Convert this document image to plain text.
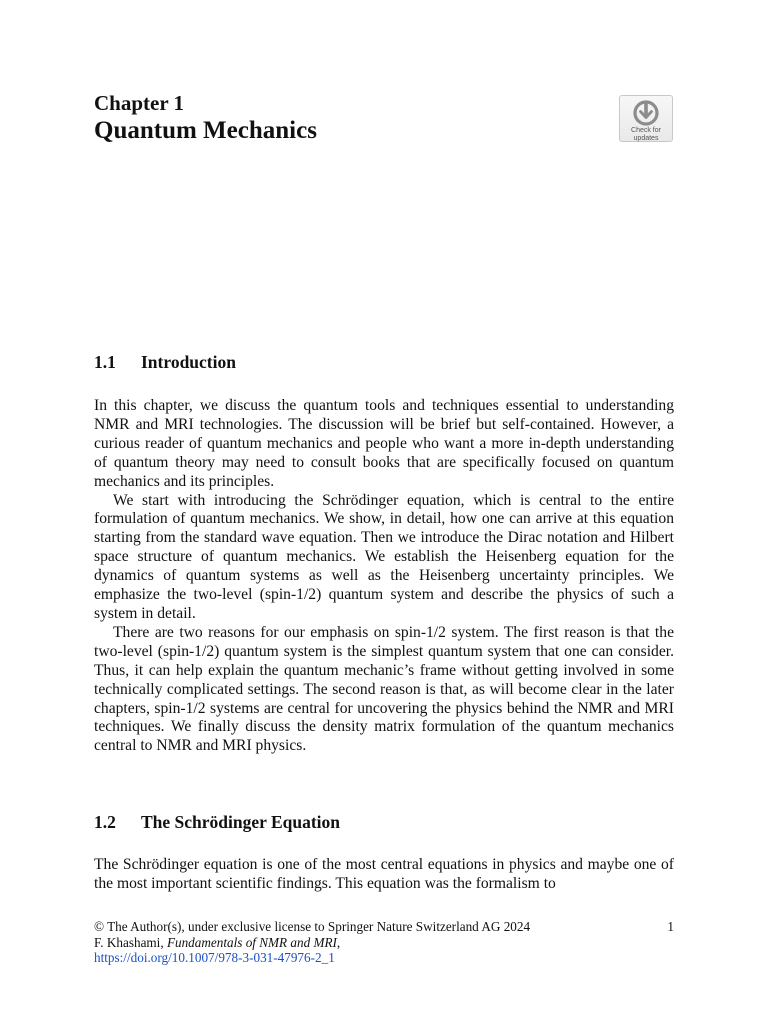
Chapter 1
Quantum Mechanics	Check for
updates
1.1 Introduction

In this chapter, we discuss the quantum tools and techniques essential to understanding NMR and MRI technologies. The discussion will be brief but self-contained. However, a curious reader of quantum mechanics and people who want a more in-depth understanding of quantum theory may need to consult books that are specifically focused on quantum mechanics and its principles.

We start with introducing the Schrödinger equation, which is central to the entire formulation of quantum mechanics. We show, in detail, how one can arrive at this equation starting from the standard wave equation. Then we introduce the Dirac notation and Hilbert space structure of quantum mechanics. We establish the Heisenberg equation for the dynamics of quantum systems as well as the Heisenberg uncertainty principles. We emphasize the two-level (spin-1/2) quantum system and describe the physics of such a system in detail.

There are two reasons for our emphasis on spin-1/2 system. The first reason is that the two-level (spin-1/2) quantum system is the simplest quantum system that one can consider. Thus, it can help explain the quantum mechanic’s frame without getting involved in some technically complicated settings. The second reason is that, as will become clear in the later chapters, spin-1/2 systems are central for uncovering the physics behind the NMR and MRI techniques. We finally discuss the density matrix formulation of the quantum mechanics central to NMR and MRI physics.

1.2 The Schrödinger Equation

The Schrödinger equation is one of the most central equations in physics and maybe one of the most important scientific findings. This equation was the formalism to

© The Author(s), under exclusive license to Springer Nature Switzerland AG 2024	1
F. Khashami, Fundamentals of NMR and MRI,
https://doi.org/10.1007/978-3-031-47976-2_1
